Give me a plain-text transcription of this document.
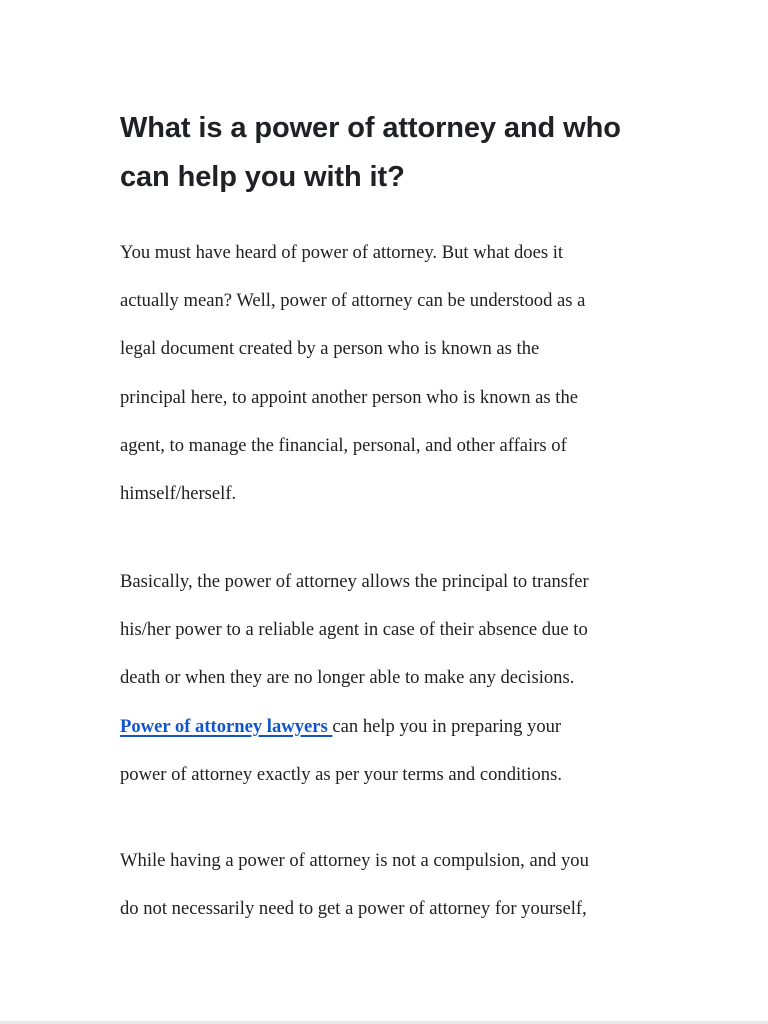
What is a power of attorney and who
can help you with it?

You must have heard of power of attorney. But what does it
actually mean? Well, power of attorney can be understood as a
legal document created by a person who is known as the
principal here, to appoint another person who is known as the
agent, to manage the financial, personal, and other affairs of
himself/herself.

Basically, the power of attorney allows the principal to transfer
his/her power to a reliable agent in case of their absence due to
death or when they are no longer able to make any decisions.
Power of attorney lawyers can help you in preparing your
power of attorney exactly as per your terms and conditions.

While having a power of attorney is not a compulsion, and you
do not necessarily need to get a power of attorney for yourself,
